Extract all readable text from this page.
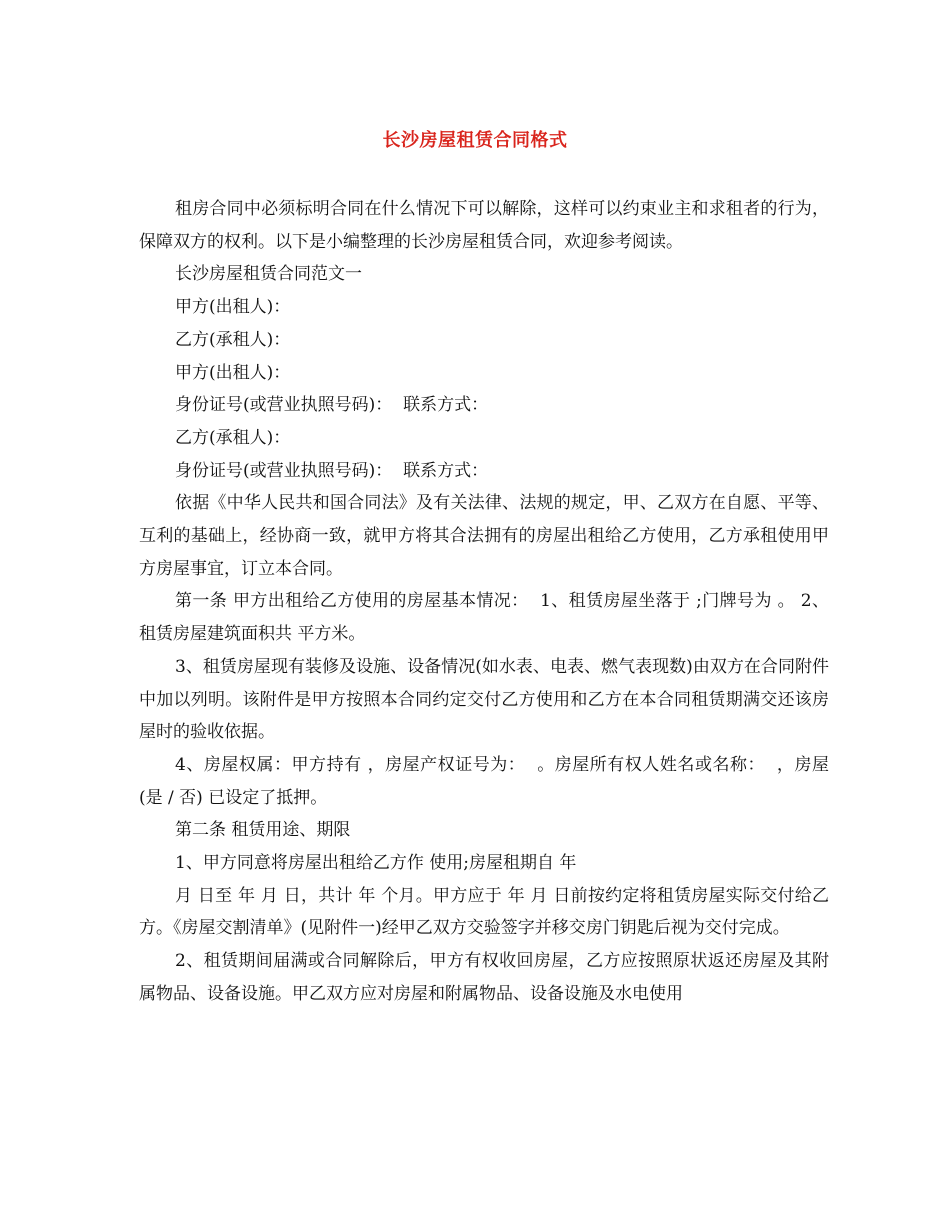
长沙房屋租赁合同格式

租房合同中必须标明合同在什么情况下可以解除，这样可以约束业主和求租者的行为，保障双方的权利。以下是小编整理的长沙房屋租赁合同，欢迎参考阅读。

长沙房屋租赁合同范文一

甲方(出租人)：

乙方(承租人)：

甲方(出租人)：

身份证号(或营业执照号码)：  联系方式：

乙方(承租人)：

身份证号(或营业执照号码)：  联系方式：

依据《中华人民共和国合同法》及有关法律、法规的规定，甲、乙双方在自愿、平等、互利的基础上，经协商一致，就甲方将其合法拥有的房屋出租给乙方使用，乙方承租使用甲方房屋事宜，订立本合同。

第一条 甲方出租给乙方使用的房屋基本情况：  1、租赁房屋坐落于 ;门牌号为 。 2、租赁房屋建筑面积共 平方米。

3、租赁房屋现有装修及设施、设备情况(如水表、电表、燃气表现数)由双方在合同附件中加以列明。该附件是甲方按照本合同约定交付乙方使用和乙方在本合同租赁期满交还该房屋时的验收依据。

4、房屋权属：甲方持有 ，房屋产权证号为：  。房屋所有权人姓名或名称：  ，房屋 (是 / 否) 已设定了抵押。

第二条 租赁用途、期限

1、甲方同意将房屋出租给乙方作 使用;房屋租期自 年

月 日至 年 月 日，共计 年 个月。甲方应于 年 月 日前按约定将租赁房屋实际交付给乙方。《房屋交割清单》(见附件一)经甲乙双方交验签字并移交房门钥匙后视为交付完成。

2、租赁期间届满或合同解除后，甲方有权收回房屋，乙方应按照原状返还房屋及其附属物品、设备设施。甲乙双方应对房屋和附属物品、设备设施及水电使用
